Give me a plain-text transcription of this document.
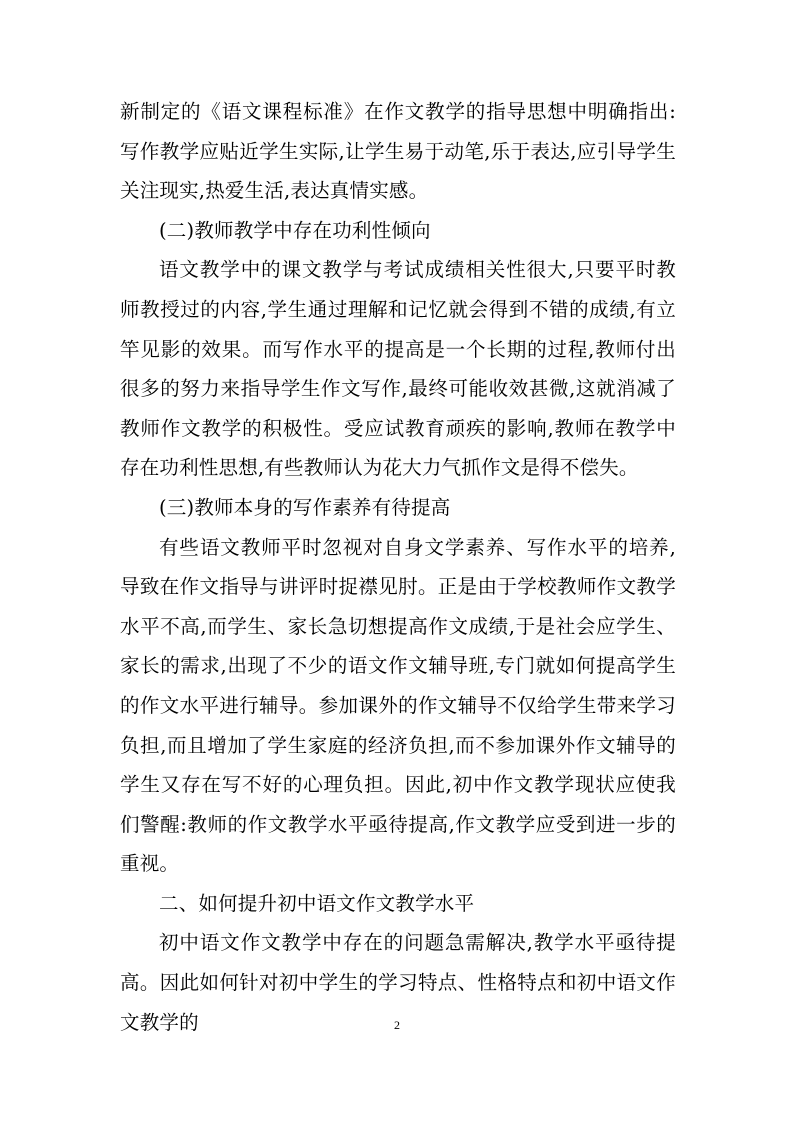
新制定的《语文课程标准》在作文教学的指导思想中明确指出:写作教学应贴近学生实际,让学生易于动笔,乐于表达,应引导学生关注现实,热爱生活,表达真情实感。

(二)教师教学中存在功利性倾向

语文教学中的课文教学与考试成绩相关性很大,只要平时教师教授过的内容,学生通过理解和记忆就会得到不错的成绩,有立竿见影的效果。而写作水平的提高是一个长期的过程,教师付出很多的努力来指导学生作文写作,最终可能收效甚微,这就消减了教师作文教学的积极性。受应试教育顽疾的影响,教师在教学中存在功利性思想,有些教师认为花大力气抓作文是得不偿失。

(三)教师本身的写作素养有待提高

有些语文教师平时忽视对自身文学素养、写作水平的培养,导致在作文指导与讲评时捉襟见肘。正是由于学校教师作文教学水平不高,而学生、家长急切想提高作文成绩,于是社会应学生、家长的需求,出现了不少的语文作文辅导班,专门就如何提高学生的作文水平进行辅导。参加课外的作文辅导不仅给学生带来学习负担,而且增加了学生家庭的经济负担,而不参加课外作文辅导的学生又存在写不好的心理负担。因此,初中作文教学现状应使我们警醒:教师的作文教学水平亟待提高,作文教学应受到进一步的重视。

二、如何提升初中语文作文教学水平

初中语文作文教学中存在的问题急需解决,教学水平亟待提高。因此如何针对初中学生的学习特点、性格特点和初中语文作文教学的	2
